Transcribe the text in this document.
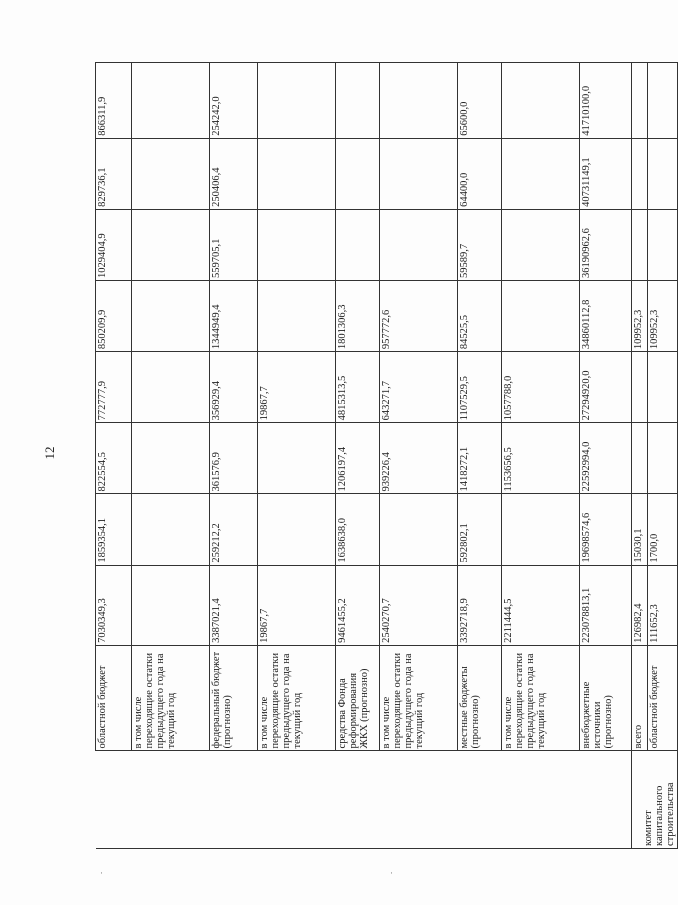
12
	областной бюджет	7030349,3	1859354,1	822554,5	772777,9	850209,9	1029404,9	829736,1	866311,9
	в том числе переходящие остатки предыдущего года на текущий год								
	федеральный бюджет (прогнозно)	3387021,4	259212,2	361576,9	356929,4	1344949,4	559705,1	250406,4	254242,0
	в том числе переходящие остатки предыдущего года на текущий год	19867,7			19867,7				
	средства Фонда реформирования ЖКХ (прогнозно)	9461455,2	1638638,0	1206197,4	4815313,5	1801306,3			
	в том числе переходящие остатки предыдущего года на текущий год	2540270,7		939226,4	643271,7	957772,6			
	местные бюджеты (прогнозно)	3392718,9	592802,1	1418272,1	1107529,5	84525,5	59589,7	64400,0	65600,0
	в том числе переходящие остатки предыдущего года на текущий год	2211444,5		1153656,5	1057788,0				
	внебюджетные источники (прогнозно)	223078813,1	19698574,6	22592994,0	27294920,0	34860112,8	36190962,6	40731149,1	41710100,0
комитет капитального строительства	всего	126982,4	15030,1			109952,3			
	областной бюджет	111652,3	1700,0			109952,3			
·	·
